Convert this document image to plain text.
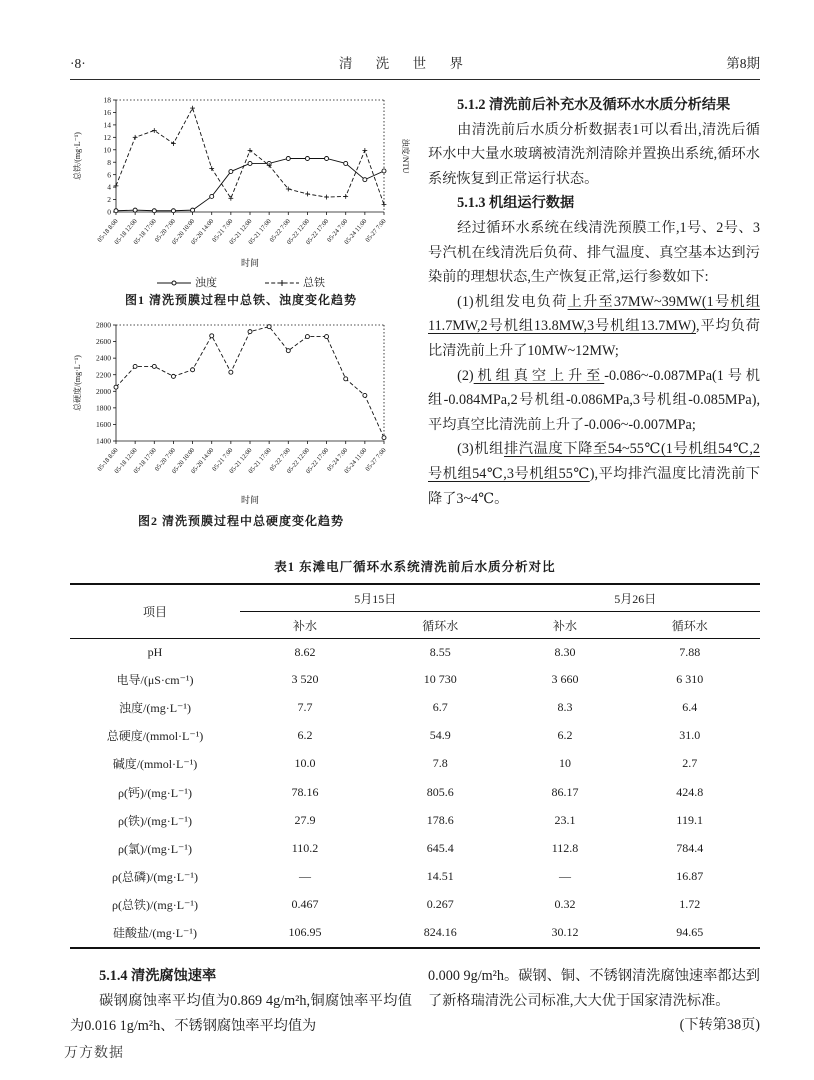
·8·	清 洗 世 界	第8期
0
2
4
6
8
10
12
14
16
18
05-18 8:00
05-18 12:00
05-18 17:00
05-20 7:00
05-20 10:00
05-20 14:00
05-21 7:00
05-21 12:00
05-21 17:00
05-22 7:00
05-22 12:00
05-22 17:00
05-24 7:00
05-24 11:00
05-27 7:00
总铁/(mg·L⁻¹)	浊度/NTU
时间
浊度	总铁
图1 清洗预膜过程中总铁、浊度变化趋势
1400
1600
1800
2000
2200
2400
2600
2800
05-18 8:00
05-18 12:00
05-18 17:00
05-20 7:00
05-20 10:00
05-20 14:00
05-21 7:00
05-21 12:00
05-21 17:00
05-22 7:00
05-22 12:00
05-22 17:00
05-24 7:00
05-24 11:00
05-27 7:00
总硬度/(mg·L⁻¹)
时间
图2 清洗预膜过程中总硬度变化趋势

5.1.2 清洗前后补充水及循环水水质分析结果

由清洗前后水质分析数据表1可以看出,清洗后循环水中大量水玻璃被清洗剂清除并置换出系统,循环水系统恢复到正常运行状态。

5.1.3 机组运行数据

经过循环水系统在线清洗预膜工作,1号、2号、3号汽机在线清洗后负荷、排气温度、真空基本达到污染前的理想状态,生产恢复正常,运行参数如下:

(1)机组发电负荷上升至37MW~39MW(1号机组11.7MW,2号机组13.8MW,3号机组13.7MW),平均负荷比清洗前上升了10MW~12MW;

(2)机组真空上升至-0.086~-0.087MPa(1号机组-0.084MPa,2号机组-0.086MPa,3号机组-0.085MPa),平均真空比清洗前上升了-0.006~-0.007MPa;

(3)机组排汽温度下降至54~55℃(1号机组54℃,2号机组54℃,3号机组55℃),平均排汽温度比清洗前下降了3~4℃。

表1 东滩电厂循环水系统清洗前后水质分析对比
项目	5月15日		5月26日	
	补水	循环水	补水	循环水
pH	8.62	8.55	8.30	7.88
电导/(μS·cm⁻¹)	3 520	10 730	3 660	6 310
浊度/(mg·L⁻¹)	7.7	6.7	8.3	6.4
总硬度/(mmol·L⁻¹)	6.2	54.9	6.2	31.0
碱度/(mmol·L⁻¹)	10.0	7.8	10	2.7
ρ(钙)/(mg·L⁻¹)	78.16	805.6	86.17	424.8
ρ(铁)/(mg·L⁻¹)	27.9	178.6	23.1	119.1
ρ(氯)/(mg·L⁻¹)	110.2	645.4	112.8	784.4
ρ(总磷)/(mg·L⁻¹)	—	14.51	—	16.87
ρ(总铁)/(mg·L⁻¹)	0.467	0.267	0.32	1.72
硅酸盐/(mg·L⁻¹)	106.95	824.16	30.12	94.65

5.1.4 清洗腐蚀速率

碳钢腐蚀率平均值为0.869 4g/m²h,铜腐蚀率平均值为0.016 1g/m²h、不锈钢腐蚀率平均值为

0.000 9g/m²h。碳钢、铜、不锈钢清洗腐蚀速率都达到了新格瑞清洗公司标准,大大优于国家清洗标准。

(下转第38页)

万方数据
